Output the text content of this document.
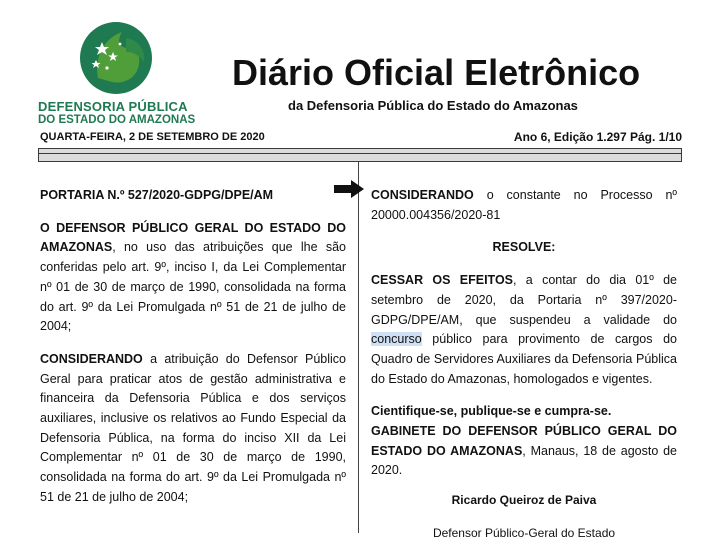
DEFENSORIA PÚBLICA
DO ESTADO DO AMAZONAS
Diário Oficial Eletrônico
da Defensoria Pública do Estado do Amazonas
QUARTA-FEIRA, 2 DE SETEMBRO DE 2020	Ano 6, Edição 1.297 Pág. 1/10

PORTARIA N.º 527/2020-GDPG/DPE/AM

O DEFENSOR PÚBLICO GERAL DO ESTADO DO AMAZONAS, no uso das atribuições que lhe são conferidas pelo art. 9º, inciso I, da Lei Complementar nº 01 de 30 de março de 1990, consolidada na forma do art. 9º da Lei Promulgada nº 51 de 21 de julho de 2004;

CONSIDERANDO a atribuição do Defensor Público Geral para praticar atos de gestão administrativa e financeira da Defensoria Pública e dos serviços auxiliares, inclusive os relativos ao Fundo Especial da Defensoria Pública, na forma do inciso XII da Lei Complementar nº 01 de 30 de março de 1990, consolidada na forma do art. 9º da Lei Promulgada nº 51 de 21 de julho de 2004;

CONSIDERANDO o constante no Processo nº 20000.004356/2020-81

RESOLVE:

CESSAR OS EFEITOS, a contar do dia 01º de setembro de 2020, da Portaria nº 397/2020-GDPG/DPE/AM, que suspendeu a validade do concurso público para provimento de cargos do Quadro de Servidores Auxiliares da Defensoria Pública do Estado do Amazonas, homologados e vigentes.

Cientifique-se, publique-se e cumpra-se.
GABINETE DO DEFENSOR PÚBLICO GERAL DO ESTADO DO AMAZONAS, Manaus, 18 de agosto de 2020.

Ricardo Queiroz de Paiva

Defensor Público-Geral do Estado
